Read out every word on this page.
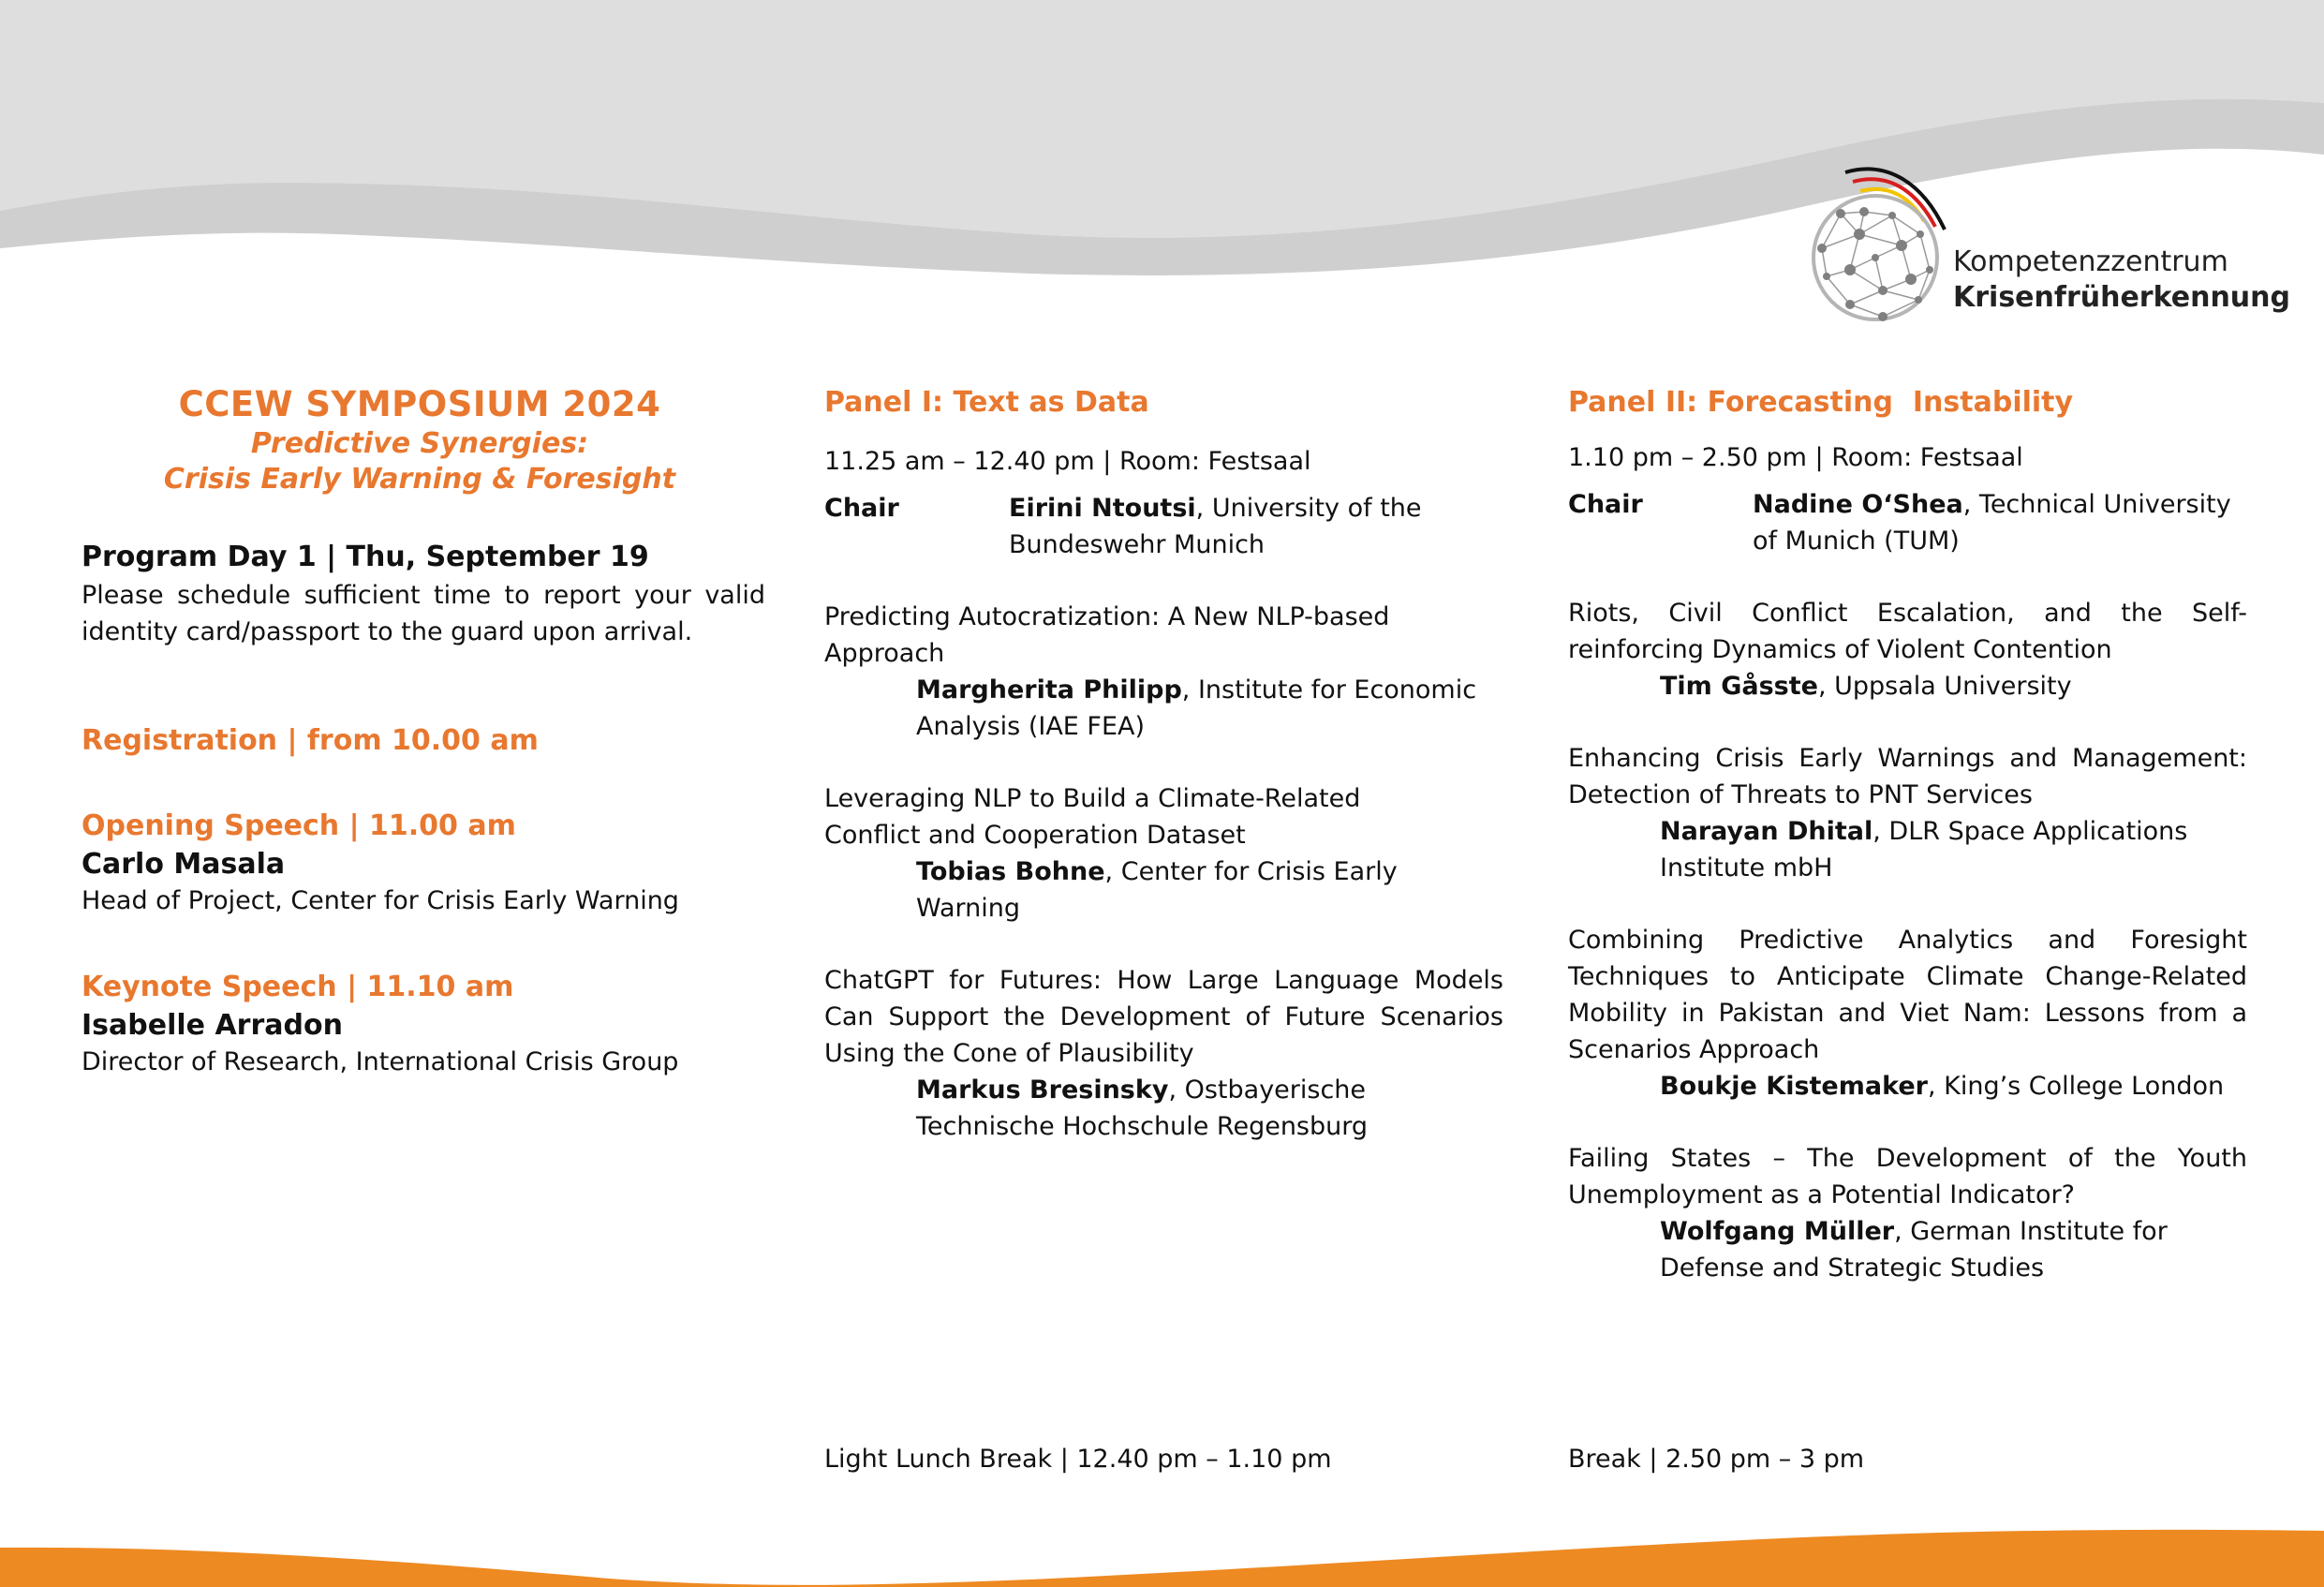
Kompetenzzentrum
Krisenfrüherkennung
CCEW SYMPOSIUM 2024
Predictive Synergies:
Crisis Early Warning & Foresight
Program Day 1 | Thu, September 19
Please schedule sufficient time to report your valid identity card/passport to the guard upon arrival.
Registration | from 10.00 am
Opening Speech | 11.00 am
Carlo Masala
Head of Project, Center for Crisis Early Warning
Keynote Speech | 11.10 am
Isabelle Arradon
Director of Research, International Crisis Group
Panel I: Text as Data
11.25 am – 12.40 pm | Room: Festsaal
Chair	Eirini Ntoutsi, University of the Bundeswehr Munich
Predicting Autocratization: A New NLP-based Approach
Margherita Philipp, Institute for Economic Analysis (IAE FEA)
Leveraging NLP to Build a Climate-Related Conflict and Cooperation Dataset
Tobias Bohne, Center for Crisis Early Warning
ChatGPT for Futures: How Large Language Models Can Support the Development of Future Scenarios Using the Cone of Plausibility
Markus Bresinsky, Ostbayerische Technische Hochschule Regensburg
Light Lunch Break | 12.40 pm – 1.10 pm
Panel II: Forecasting  Instability
1.10 pm – 2.50 pm | Room: Festsaal
Chair	Nadine O‘Shea, Technical University of Munich (TUM)
Riots, Civil Conflict Escalation, and the Self-reinforcing Dynamics of Violent Contention
Tim Gåsste, Uppsala University
Enhancing Crisis Early Warnings and Management: Detection of Threats to PNT Services
Narayan Dhital, DLR Space Applications Institute mbH
Combining Predictive Analytics and Foresight Techniques to Anticipate Climate Change-Related Mobility in Pakistan and Viet Nam: Lessons from a Scenarios Approach
Boukje Kistemaker, King’s College London
Failing States – The Development of the Youth Unemployment as a Potential Indicator?
Wolfgang Müller, German Institute for Defense and Strategic Studies
Break | 2.50 pm – 3 pm
